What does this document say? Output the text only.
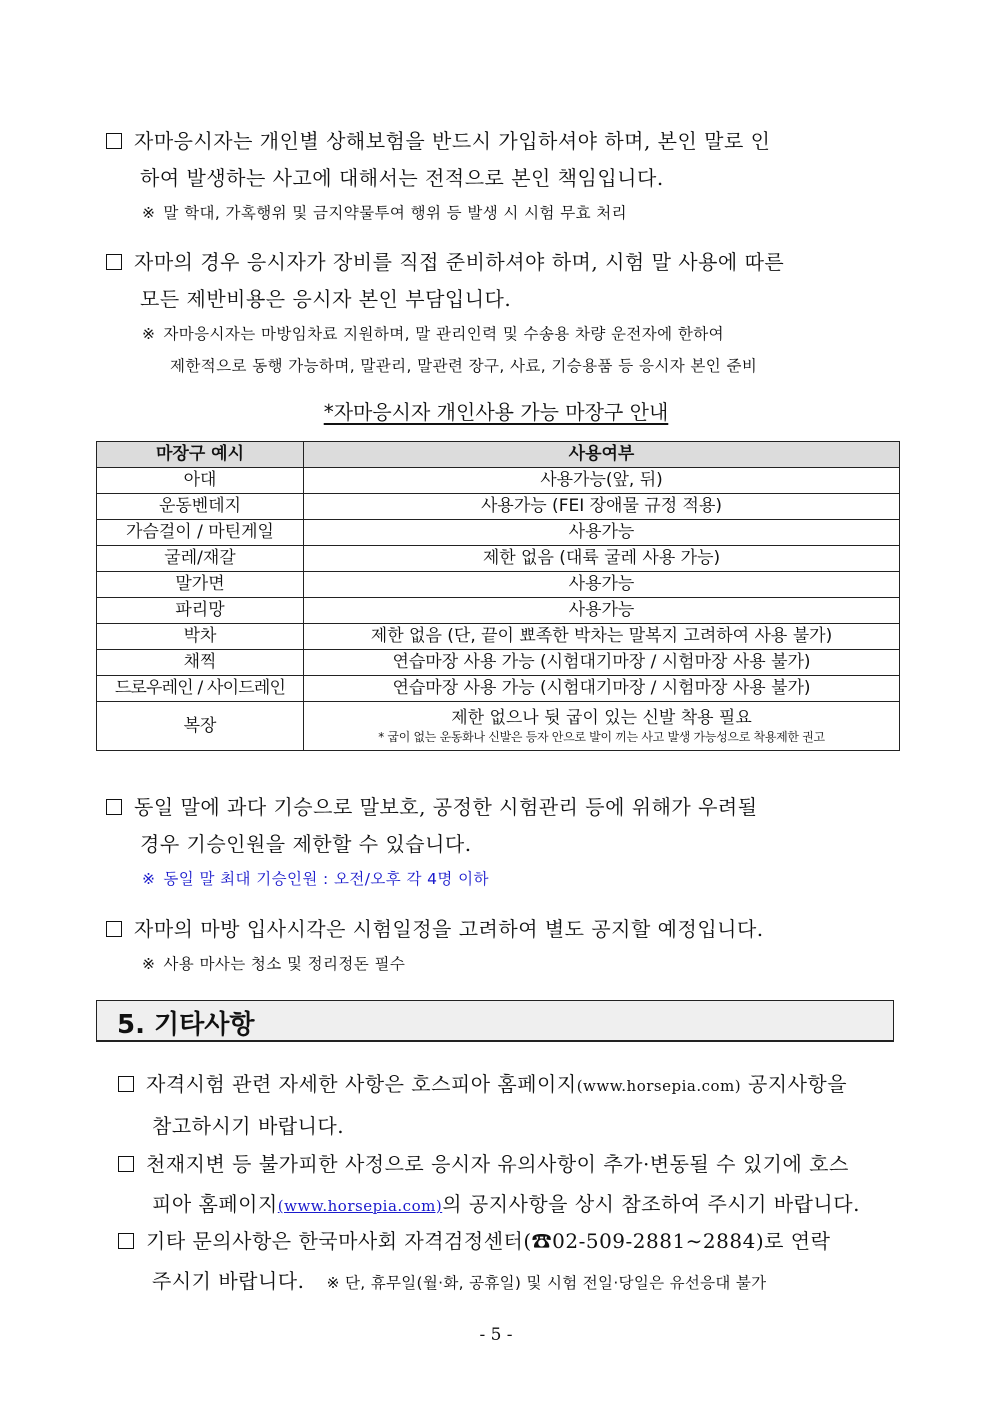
자마응시자는 개인별 상해보험을 반드시 가입하셔야 하며, 본인 말로 인
하여 발생하는 사고에 대해서는 전적으로 본인 책임입니다.
※ 말 학대, 가혹행위 및 금지약물투여 행위 등 발생 시 시험 무효 처리
자마의 경우 응시자가 장비를 직접 준비하셔야 하며, 시험 말 사용에 따른
모든 제반비용은 응시자 본인 부담입니다.
※ 자마응시자는 마방임차료 지원하며, 말 관리인력 및 수송용 차량 운전자에 한하여
제한적으로 동행 가능하며, 말관리, 말관련 장구, 사료, 기승용품 등 응시자 본인 준비
*자마응시자 개인사용 가능 마장구 안내
마장구 예시	사용여부
아대	사용가능(앞, 뒤)
운동벤데지	사용가능 (FEI 장애물 규정 적용)
가슴걸이 / 마틴게일	사용가능
굴레/재갈	제한 없음 (대륙 굴레 사용 가능)
말가면	사용가능
파리망	사용가능
박차	제한 없음 (단, 끝이 뾰족한 박차는 말복지 고려하여 사용 불가)
채찍	연습마장 사용 가능 (시험대기마장 / 시험마장 사용 불가)
드로우레인 / 사이드레인	연습마장 사용 가능 (시험대기마장 / 시험마장 사용 불가)
복장	제한 없으나 뒷 굽이 있는 신발 착용 필요
* 굽이 없는 운동화나 신발은 등자 안으로 발이 끼는 사고 발생 가능성으로 착용제한 권고
동일 말에 과다 기승으로 말보호, 공정한 시험관리 등에 위해가 우려될
경우 기승인원을 제한할 수 있습니다.
※ 동일 말 최대 기승인원 : 오전/오후 각 4명 이하
자마의 마방 입사시각은 시험일정을 고려하여 별도 공지할 예정입니다.
※ 사용 마사는 청소 및 정리정돈 필수
5. 기타사항
자격시험 관련 자세한 사항은 호스피아 홈페이지(www.horsepia.com) 공지사항을
참고하시기 바랍니다.
천재지변 등 불가피한 사정으로 응시자 유의사항이 추가·변동될 수 있기에 호스
피아 홈페이지(www.horsepia.com)의 공지사항을 상시 참조하여 주시기 바랍니다.
기타 문의사항은 한국마사회 자격검정센터(☎02-509-2881∼2884)로 연락
주시기 바랍니다. ※ 단, 휴무일(월·화, 공휴일) 및 시험 전일·당일은 유선응대 불가
- 5 -
